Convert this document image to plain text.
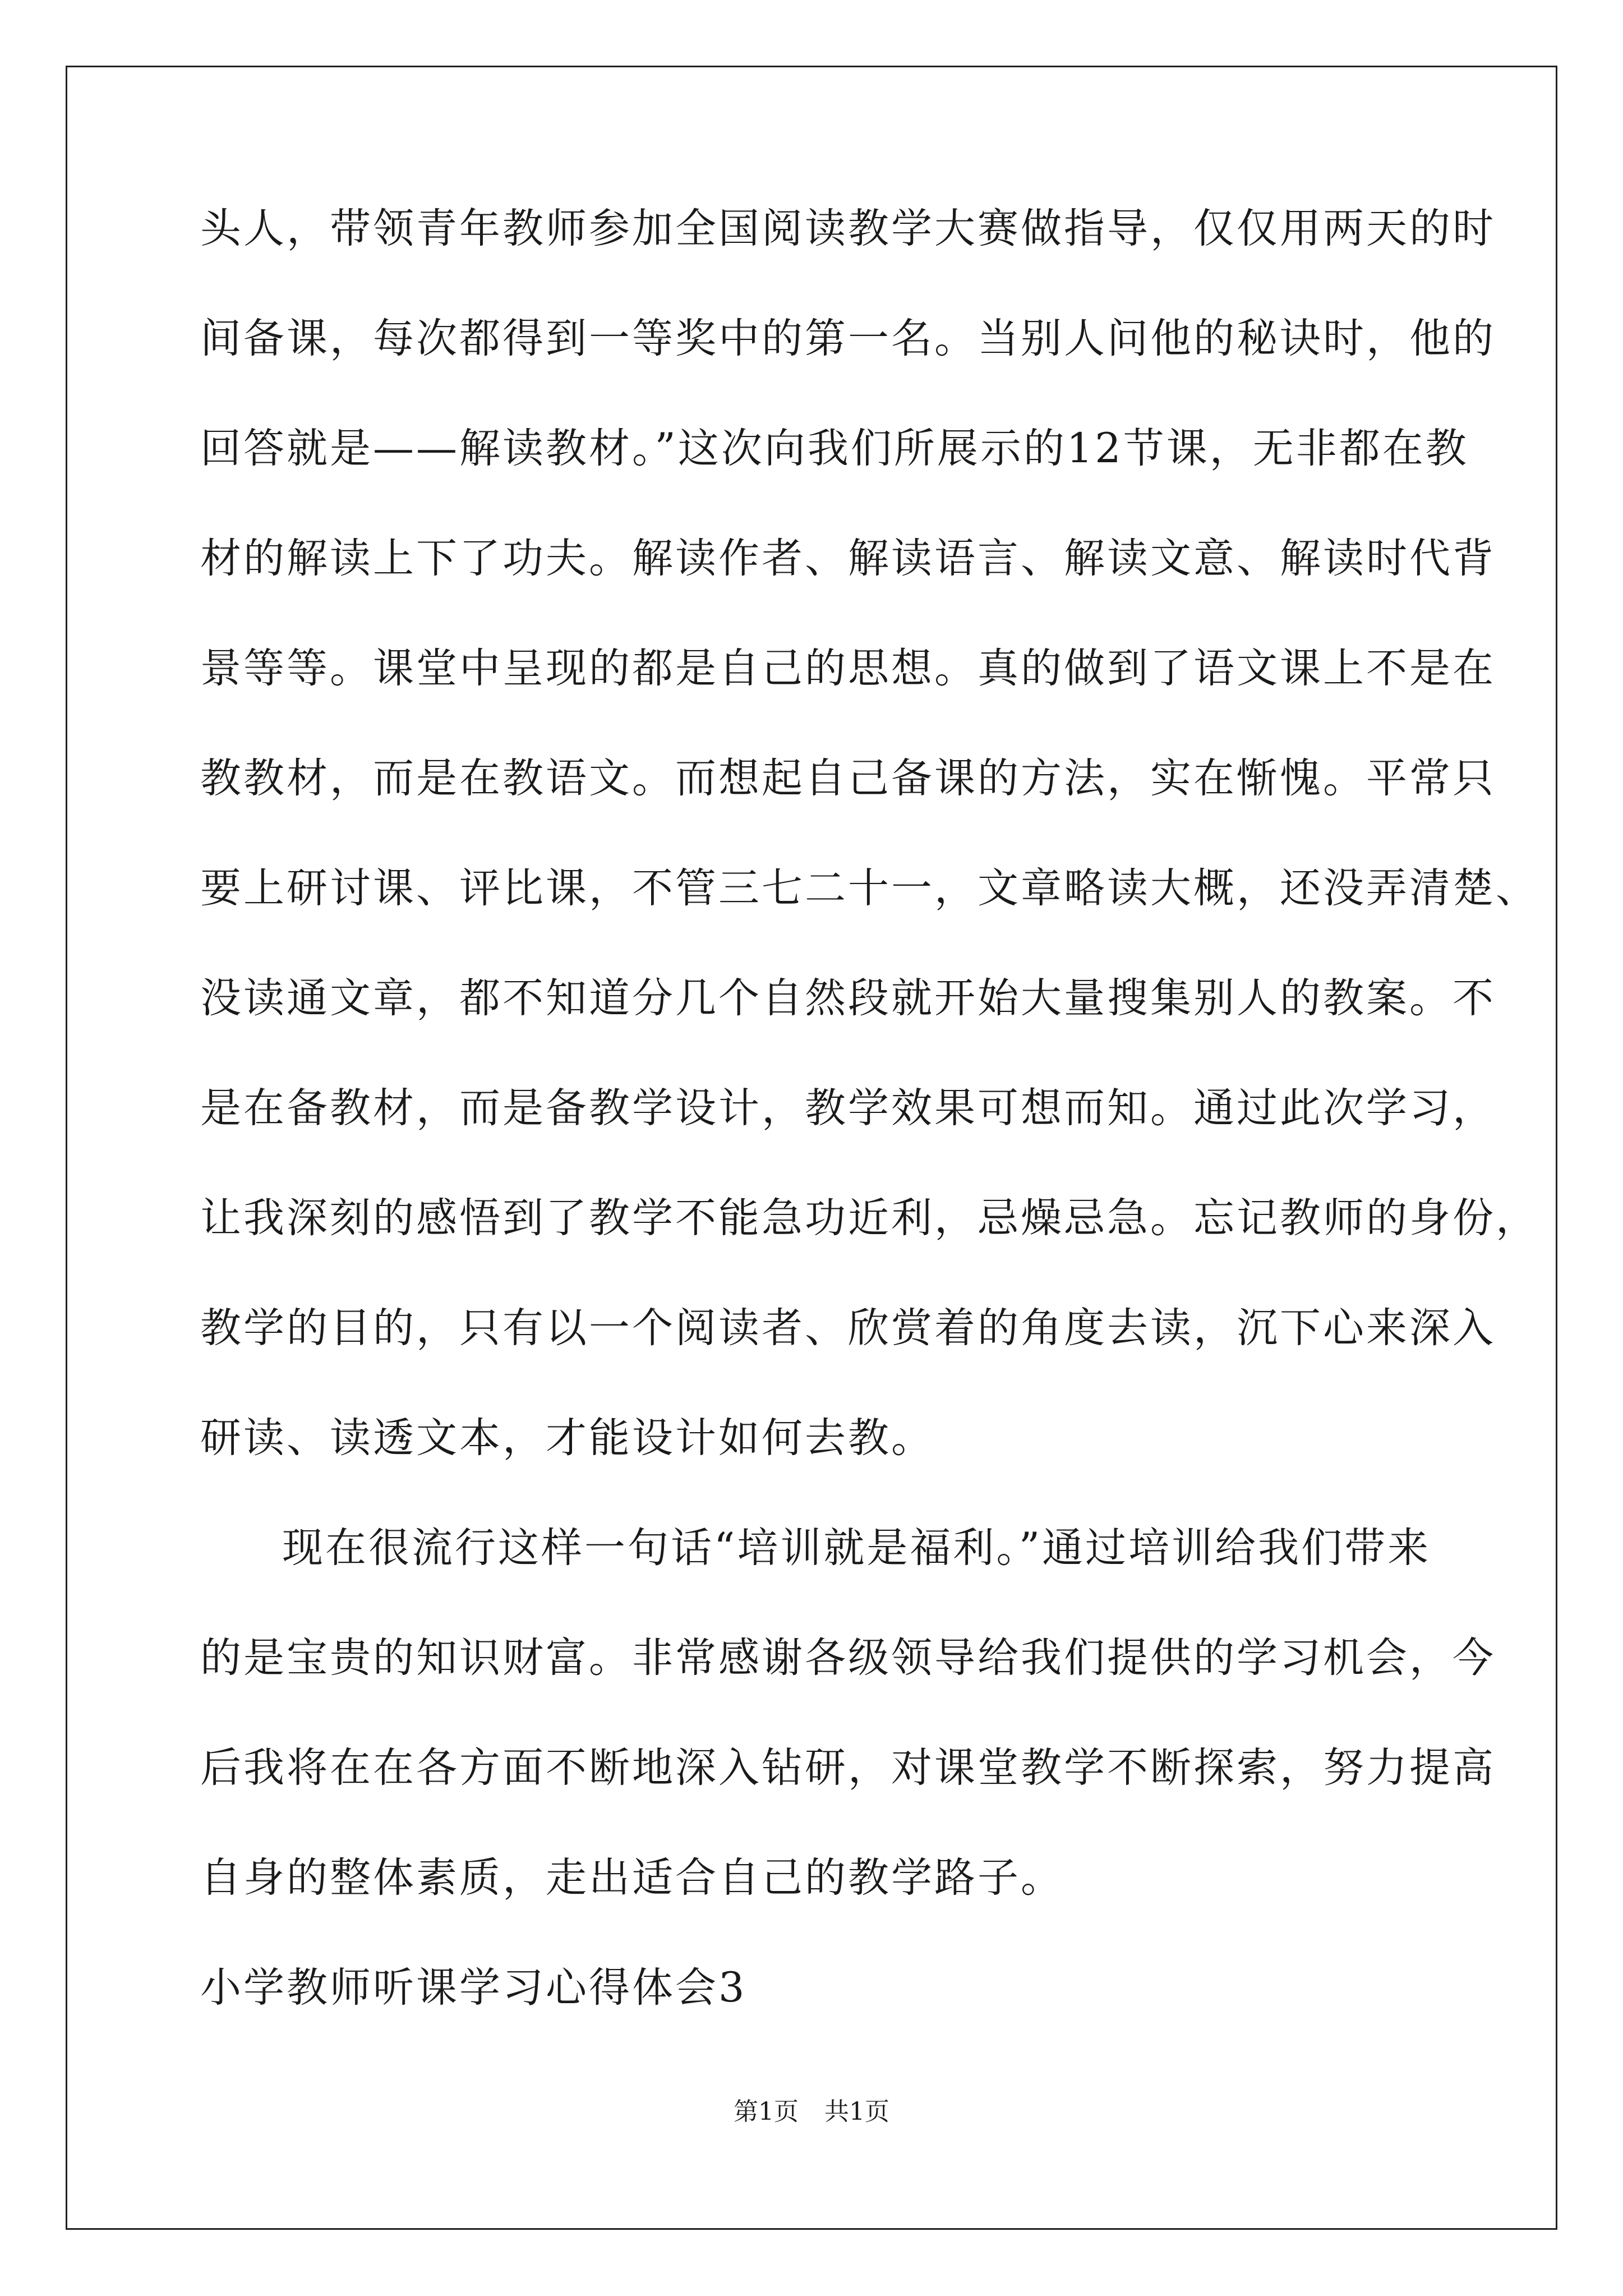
头人，带领青年教师参加全国阅读教学大赛做指导，仅仅用两天的时
间备课，每次都得到一等奖中的第一名。当别人问他的秘诀时，他的
回答就是——解读教材。”这次向我们所展示的12节课，无非都在教
材的解读上下了功夫。解读作者、解读语言、解读文意、解读时代背
景等等。课堂中呈现的都是自己的思想。真的做到了语文课上不是在
教教材，而是在教语文。而想起自己备课的方法，实在惭愧。平常只
要上研讨课、评比课，不管三七二十一，文章略读大概，还没弄清楚、
没读通文章，都不知道分几个自然段就开始大量搜集别人的教案。不
是在备教材，而是备教学设计，教学效果可想而知。通过此次学习，
让我深刻的感悟到了教学不能急功近利，忌燥忌急。忘记教师的身份，
教学的目的，只有以一个阅读者、欣赏着的角度去读，沉下心来深入
研读、读透文本，才能设计如何去教。
现在很流行这样一句话“培训就是福利。”通过培训给我们带来
的是宝贵的知识财富。非常感谢各级领导给我们提供的学习机会，今
后我将在在各方面不断地深入钻研，对课堂教学不断探索，努力提高
自身的整体素质，走出适合自己的教学路子。
小学教师听课学习心得体会3
第1页 共1页
